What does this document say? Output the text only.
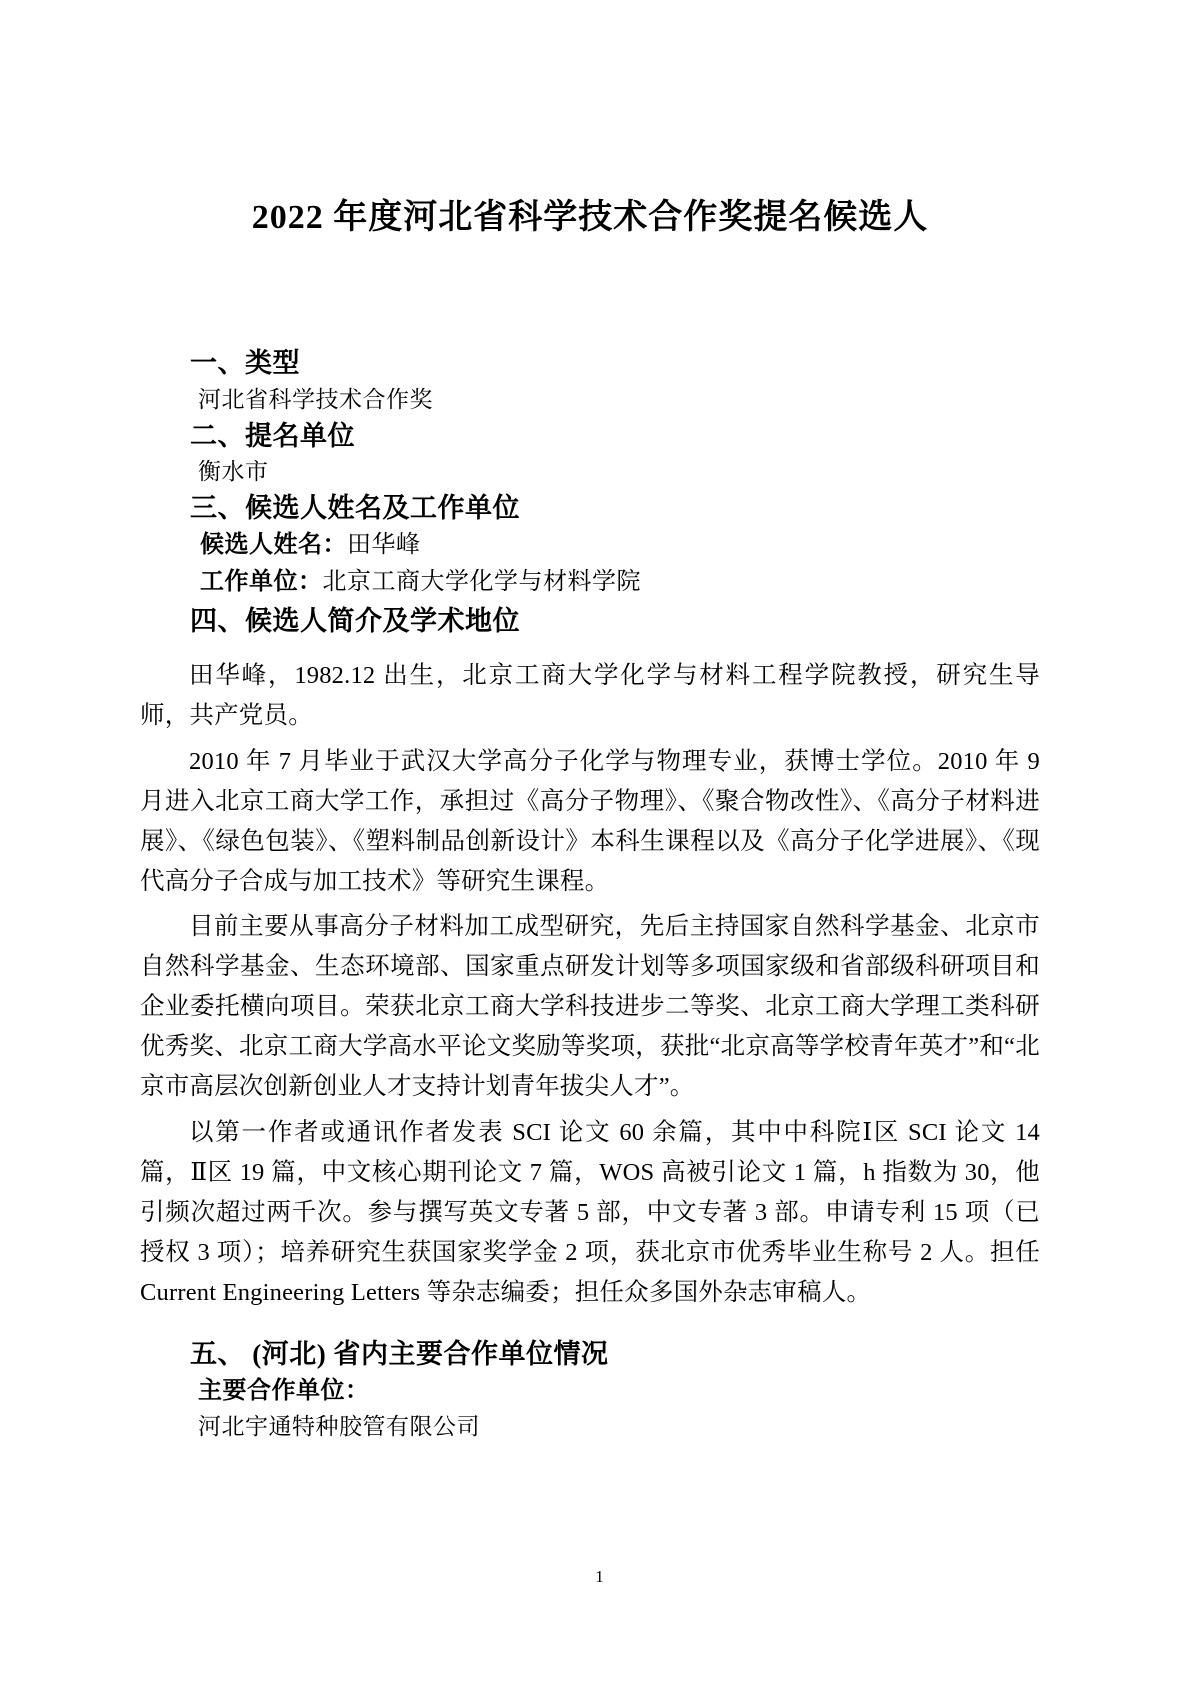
2022 年度河北省科学技术合作奖提名候选人
一、类型

河北省科学技术合作奖

二、提名单位

衡水市

三、候选人姓名及工作单位

候选人姓名：田华峰

工作单位：北京工商大学化学与材料学院

四、候选人简介及学术地位

田华峰，1982.12 出生，北京工商大学化学与材料工程学院教授，研究生导师，共产党员。

2010 年 7 月毕业于武汉大学高分子化学与物理专业，获博士学位。2010 年 9 月进入北京工商大学工作，承担过《高分子物理》、《聚合物改性》、《高分子材料进展》、《绿色包装》、《塑料制品创新设计》本科生课程以及《高分子化学进展》、《现代高分子合成与加工技术》等研究生课程。

目前主要从事高分子材料加工成型研究，先后主持国家自然科学基金、北京市自然科学基金、生态环境部、国家重点研发计划等多项国家级和省部级科研项目和企业委托横向项目。荣获北京工商大学科技进步二等奖、北京工商大学理工类科研优秀奖、北京工商大学高水平论文奖励等奖项，获批“北京高等学校青年英才”和“北京市高层次创新创业人才支持计划青年拔尖人才”。

以第一作者或通讯作者发表 SCI 论文 60 余篇，其中中科院Ⅰ区 SCI 论文 14 篇，Ⅱ区 19 篇，中文核心期刊论文 7 篇，WOS 高被引论文 1 篇，h 指数为 30，他引频次超过两千次。参与撰写英文专著 5 部，中文专著 3 部。申请专利 15 项（已授权 3 项）；培养研究生获国家奖学金 2 项，获北京市优秀毕业生称号 2 人。担任 Current Engineering Letters 等杂志编委；担任众多国外杂志审稿人。

五、 (河北) 省内主要合作单位情况

主要合作单位：

河北宇通特种胶管有限公司

1
